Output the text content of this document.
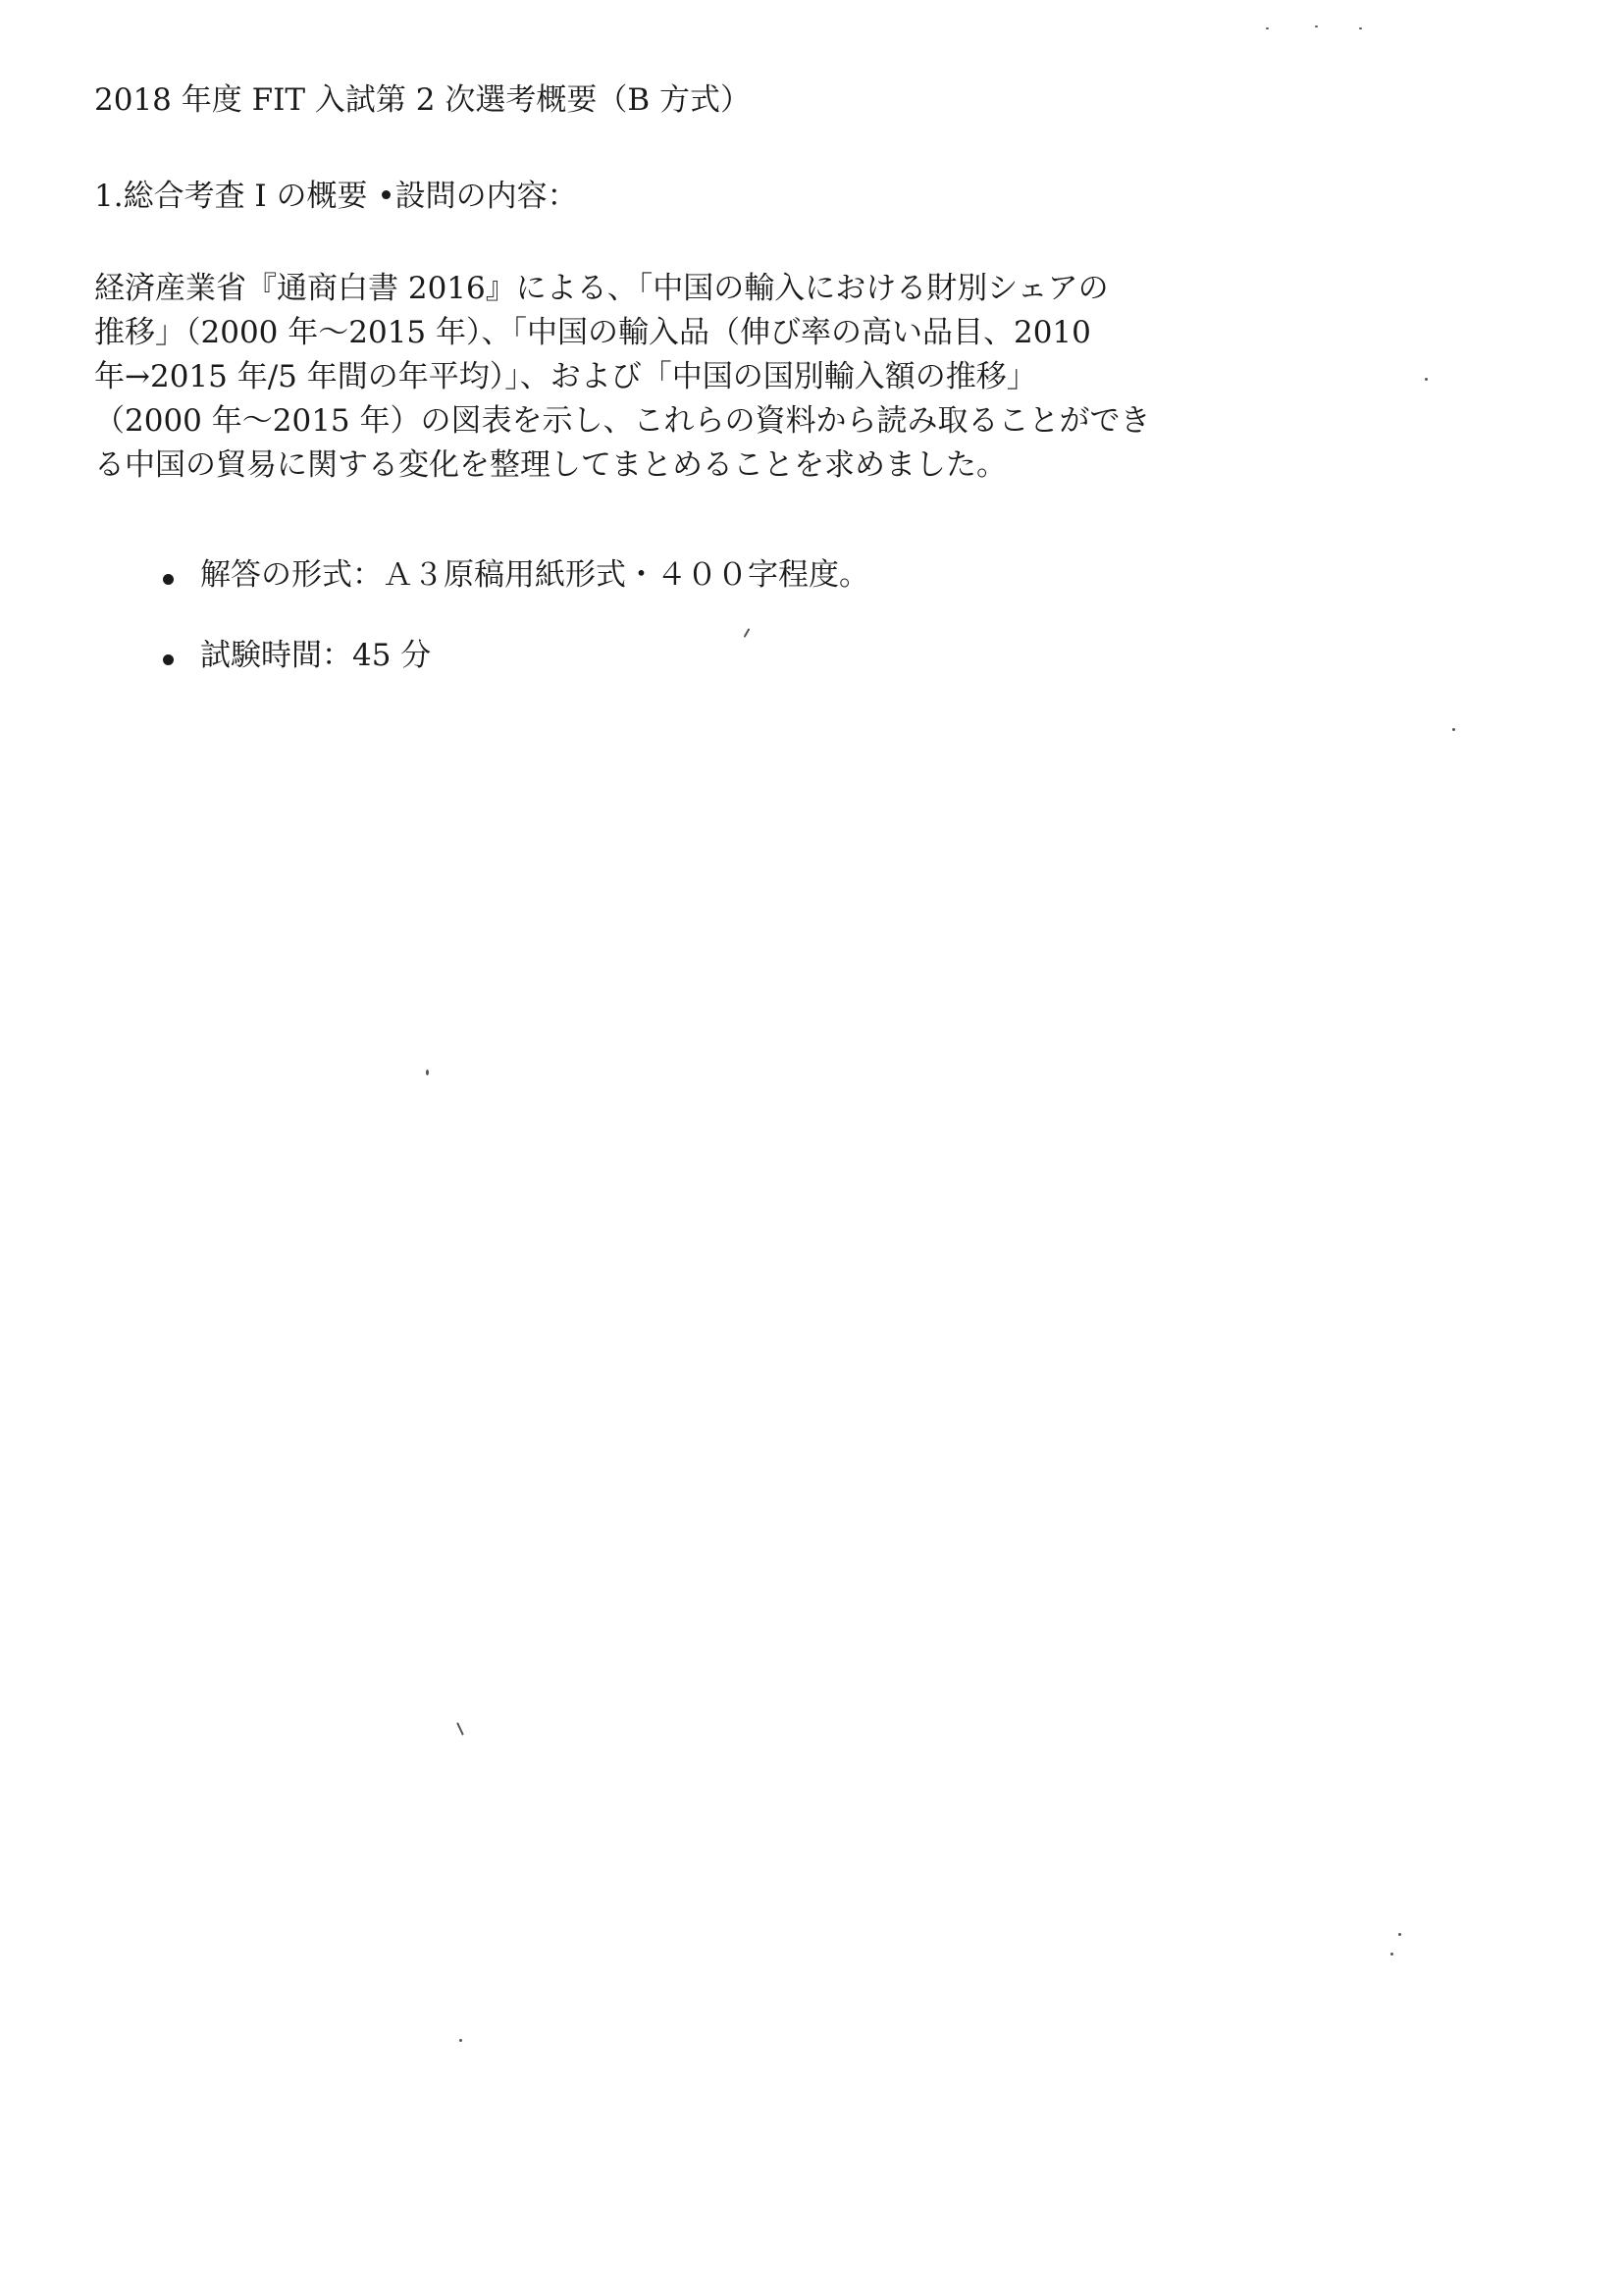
2018 年度 FIT 入試第 2 次選考概要（B 方式）
1.総合考査 I の概要 •設問の内容：
経済産業省『通商白書 2016』による、「中国の輸入における財別シェアの
推移」（2000 年〜2015 年）、「中国の輸入品（伸び率の高い品目、2010
年→2015 年/5 年間の年平均）」、および「中国の国別輸入額の推移」
（2000 年〜2015 年）の図表を示し、これらの資料から読み取ることができ
る中国の貿易に関する変化を整理してまとめることを求めました。
解答の形式：Ａ３原稿用紙形式・４００字程度。
試験時間：45 分
